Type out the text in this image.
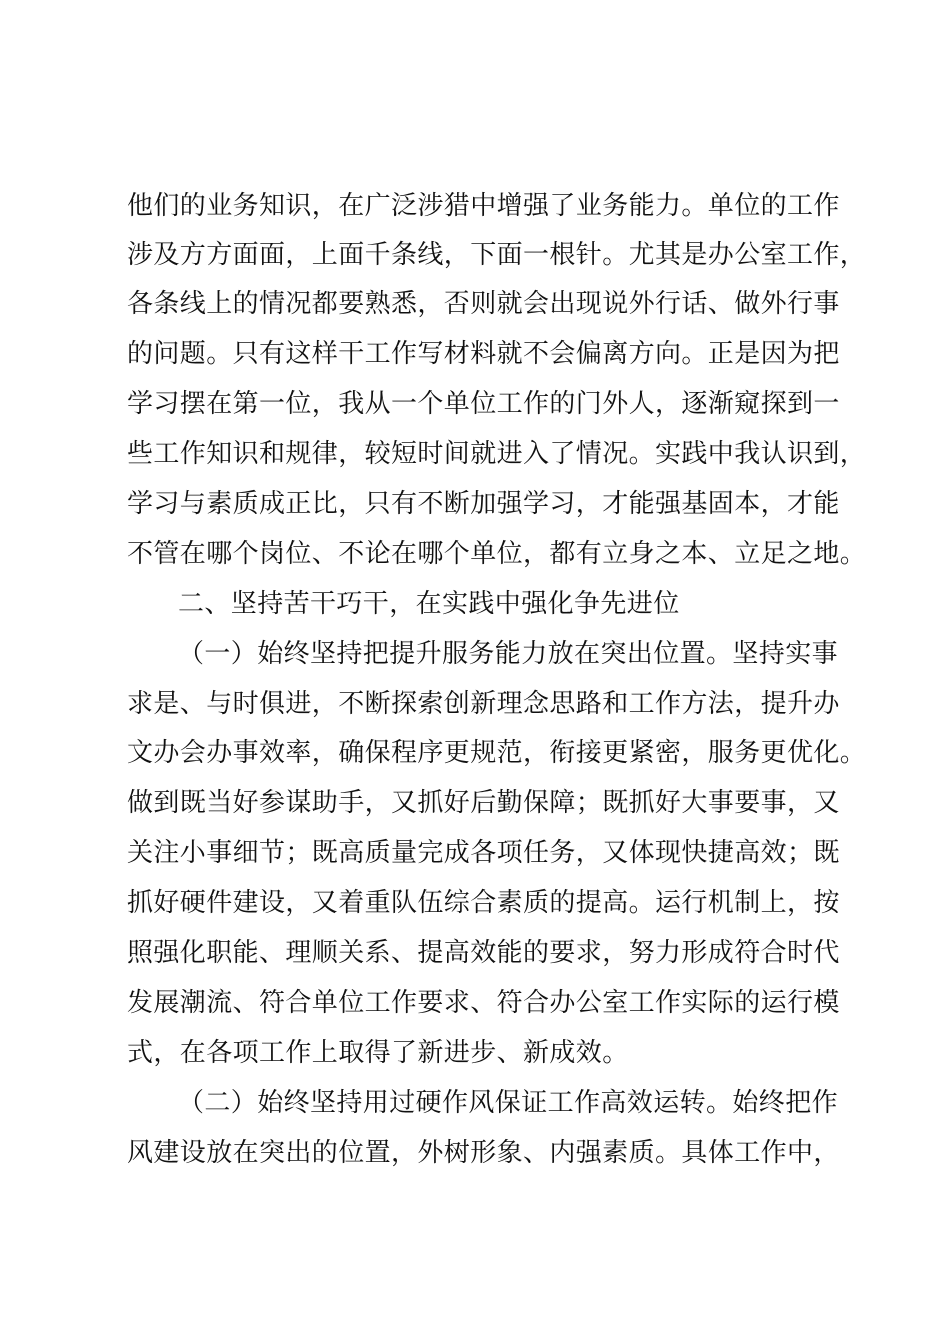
他们的业务知识，在广泛涉猎中增强了业务能力。单位的工作
涉及方方面面，上面千条线，下面一根针。尤其是办公室工作，
各条线上的情况都要熟悉，否则就会出现说外行话、做外行事
的问题。只有这样干工作写材料就不会偏离方向。正是因为把
学习摆在第一位，我从一个单位工作的门外人，逐渐窥探到一
些工作知识和规律，较短时间就进入了情况。实践中我认识到，
学习与素质成正比，只有不断加强学习，才能强基固本，才能
不管在哪个岗位、不论在哪个单位，都有立身之本、立足之地。
二、坚持苦干巧干，在实践中强化争先进位
（一）始终坚持把提升服务能力放在突出位置。坚持实事
求是、与时俱进，不断探索创新理念思路和工作方法，提升办
文办会办事效率，确保程序更规范，衔接更紧密，服务更优化。
做到既当好参谋助手，又抓好后勤保障；既抓好大事要事，又
关注小事细节；既高质量完成各项任务，又体现快捷高效；既
抓好硬件建设，又着重队伍综合素质的提高。运行机制上，按
照强化职能、理顺关系、提高效能的要求，努力形成符合时代
发展潮流、符合单位工作要求、符合办公室工作实际的运行模
式，在各项工作上取得了新进步、新成效。
（二）始终坚持用过硬作风保证工作高效运转。始终把作
风建设放在突出的位置，外树形象、内强素质。具体工作中，
